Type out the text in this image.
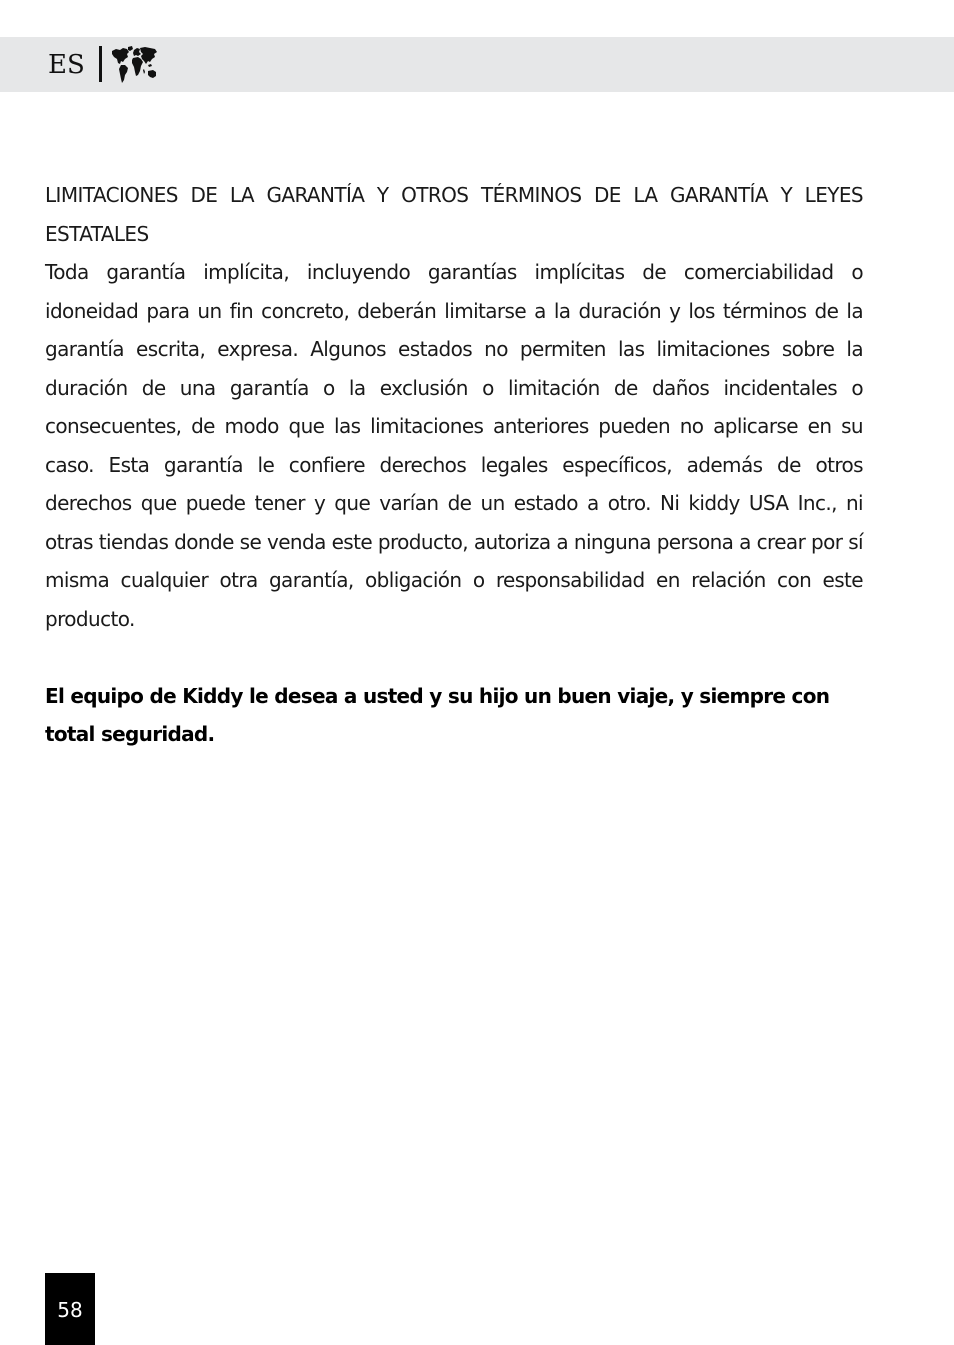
ES

LIMITACIONES DE LA GARANTÍA Y OTROS TÉRMINOS DE LA GARANTÍA Y LEYES ESTATALES

Toda garantía implícita, incluyendo garantías implícitas de comerciabilidad o idoneidad para un fin concreto, deberán limitarse a la duración y los términos de la garantía escrita, expresa. Algunos estados no permiten las limitaciones sobre la duración de una garantía o la exclusión o limitación de daños incidentales o consecuentes, de modo que las limitaciones anteriores pueden no aplicarse en su caso. Esta garantía le confiere derechos legales específicos, además de otros derechos que puede tener y que varían de un estado a otro. Ni kiddy USA Inc., ni otras tiendas donde se venda este producto, autoriza a ninguna persona a crear por sí misma cualquier otra garantía, obligación o responsabilidad en relación con este producto.

El equipo de Kiddy le desea a usted y su hijo un buen viaje, y siempre con total seguridad.

58
